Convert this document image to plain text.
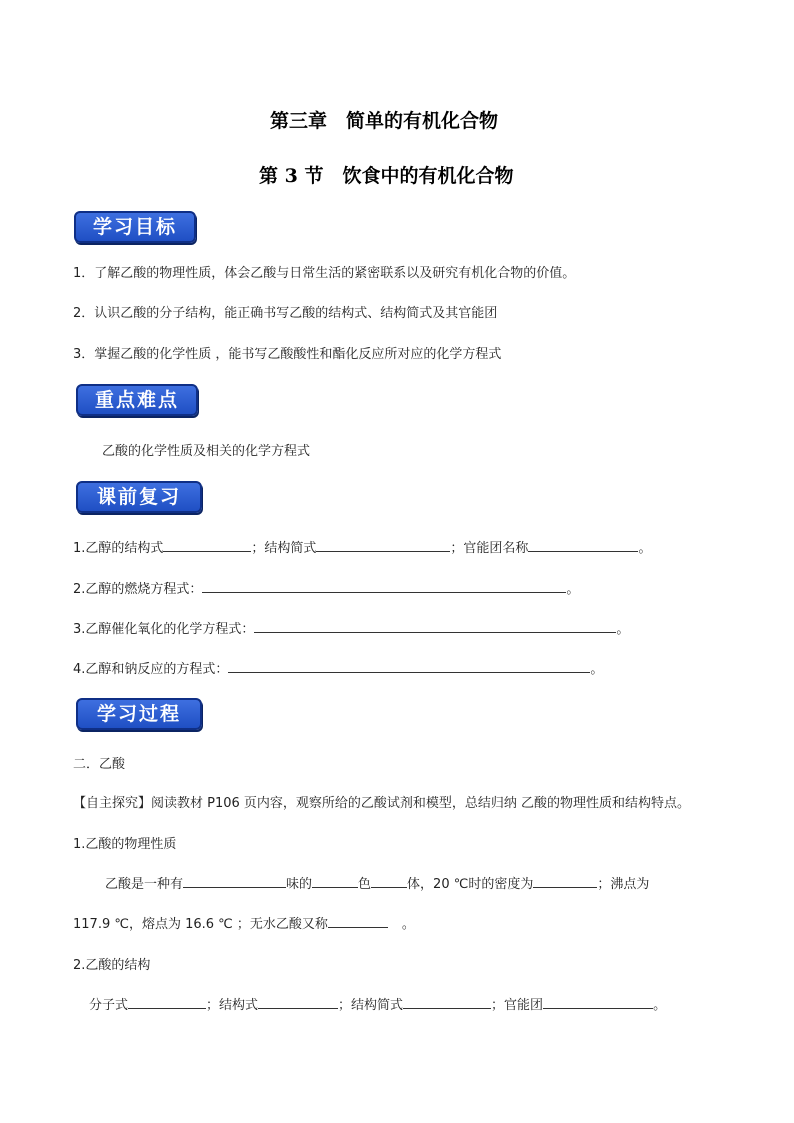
第三章　简单的有机化合物
第 3 节　饮食中的有机化合物
学习目标
1．了解乙酸的物理性质，体会乙酸与日常生活的紧密联系以及研究有机化合物的价值。
2．认识乙酸的分子结构，能正确书写乙酸的结构式、结构简式及其官能团
3．掌握乙酸的化学性质 ，能书写乙酸酸性和酯化反应所对应的化学方程式
重点难点
乙酸的化学性质及相关的化学方程式
课前复习
1.乙醇的结构式	；结构简式	；官能团名称	。
2.乙醇的燃烧方程式：	。
3.乙醇催化氧化的化学方程式：	。
4.乙醇和钠反应的方程式：	。
学习过程
二．乙酸
【自主探究】阅读教材 P106 页内容，观察所给的乙酸试剂和模型，总结归纳 乙酸的物理性质和结构特点。
1.乙酸的物理性质
乙酸是一种有	味的	色	体，20 ℃时的密度为	；沸点为
117.9 ℃，熔点为 16.6 ℃ ；无水乙酸又称	。
2.乙酸的结构
分子式	；结构式	；结构简式	；官能团	。
